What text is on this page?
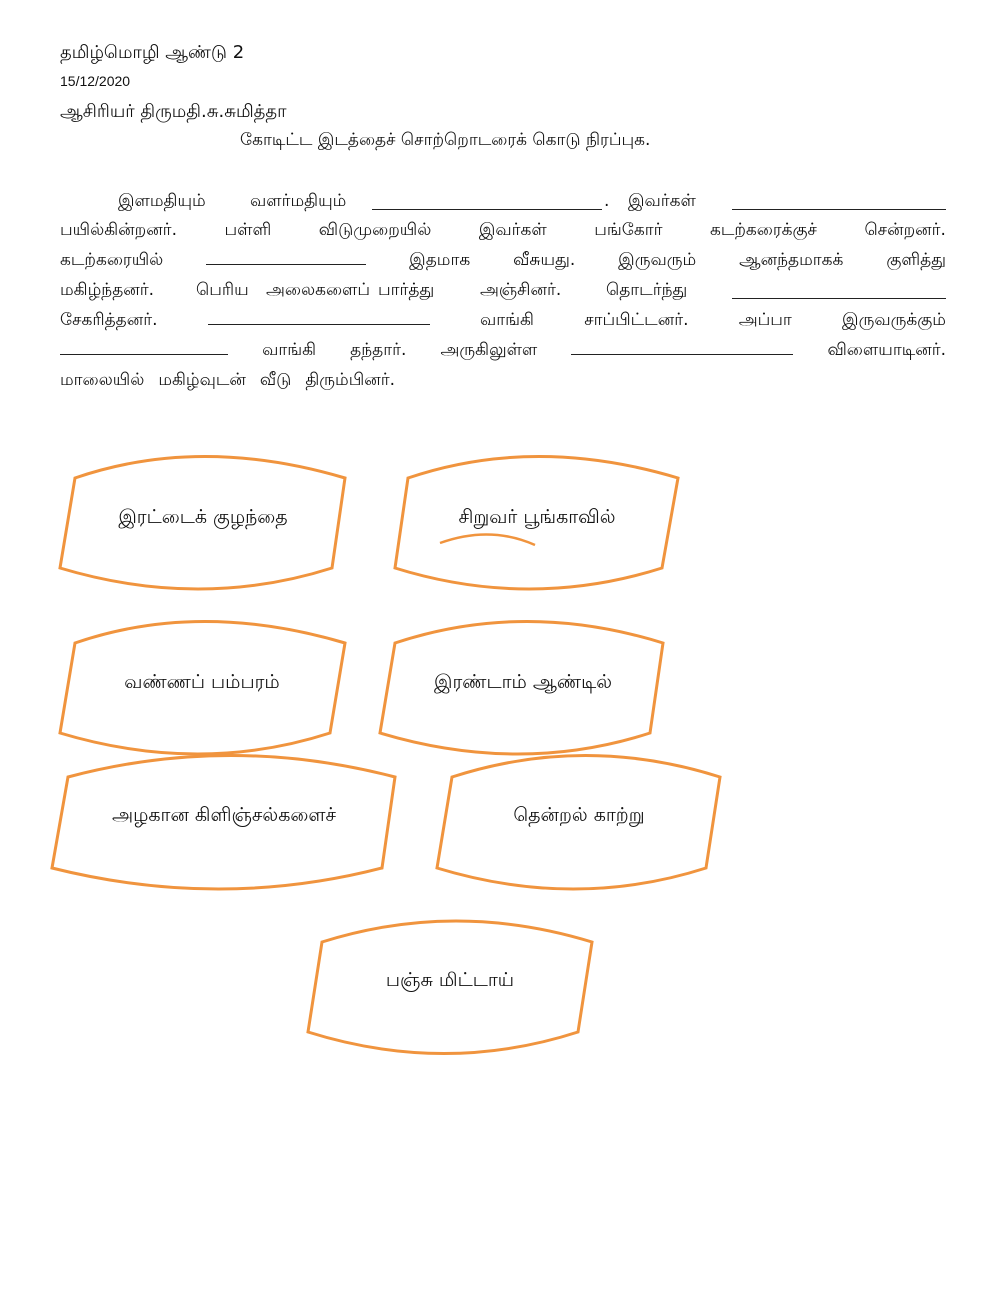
தமிழ்மொழி ஆண்டு 2
15/12/2020
ஆசிரியர் திருமதி.சு.சுமித்தா
கோடிட்ட இடத்தைச் சொற்றொடரைக் கொடு நிரப்புக.
இளமதியும்	வளர்மதியும்	. இவர்கள்
பயில்கின்றனர்.	பள்ளி	விடுமுறையில்	இவர்கள்	பங்கோர்	கடற்கரைக்குச்	சென்றனர்.
கடற்கரையில்	இதமாக	வீசுயது.	இருவரும்	ஆனந்தமாகக்	குளித்து
மகிழ்ந்தனர். பெரிய அலைகளைப் பார்த்து	அஞ்சினர்.	தொடர்ந்து
சேகரித்தனர்.	வாங்கி	சாப்பிட்டனர்.	அப்பா	இருவருக்கும்
வாங்கி தந்தார். அருகிலுள்ள	விளையாடினர்.
மாலையில் மகிழ்வுடன் வீடு திரும்பினர்.
இரட்டைக் குழந்தை	சிறுவர் பூங்காவில்
வண்ணப் பம்பரம்	இரண்டாம் ஆண்டில்
அழகான கிளிஞ்சல்களைச்	தென்றல் காற்று
பஞ்சு மிட்டாய்
